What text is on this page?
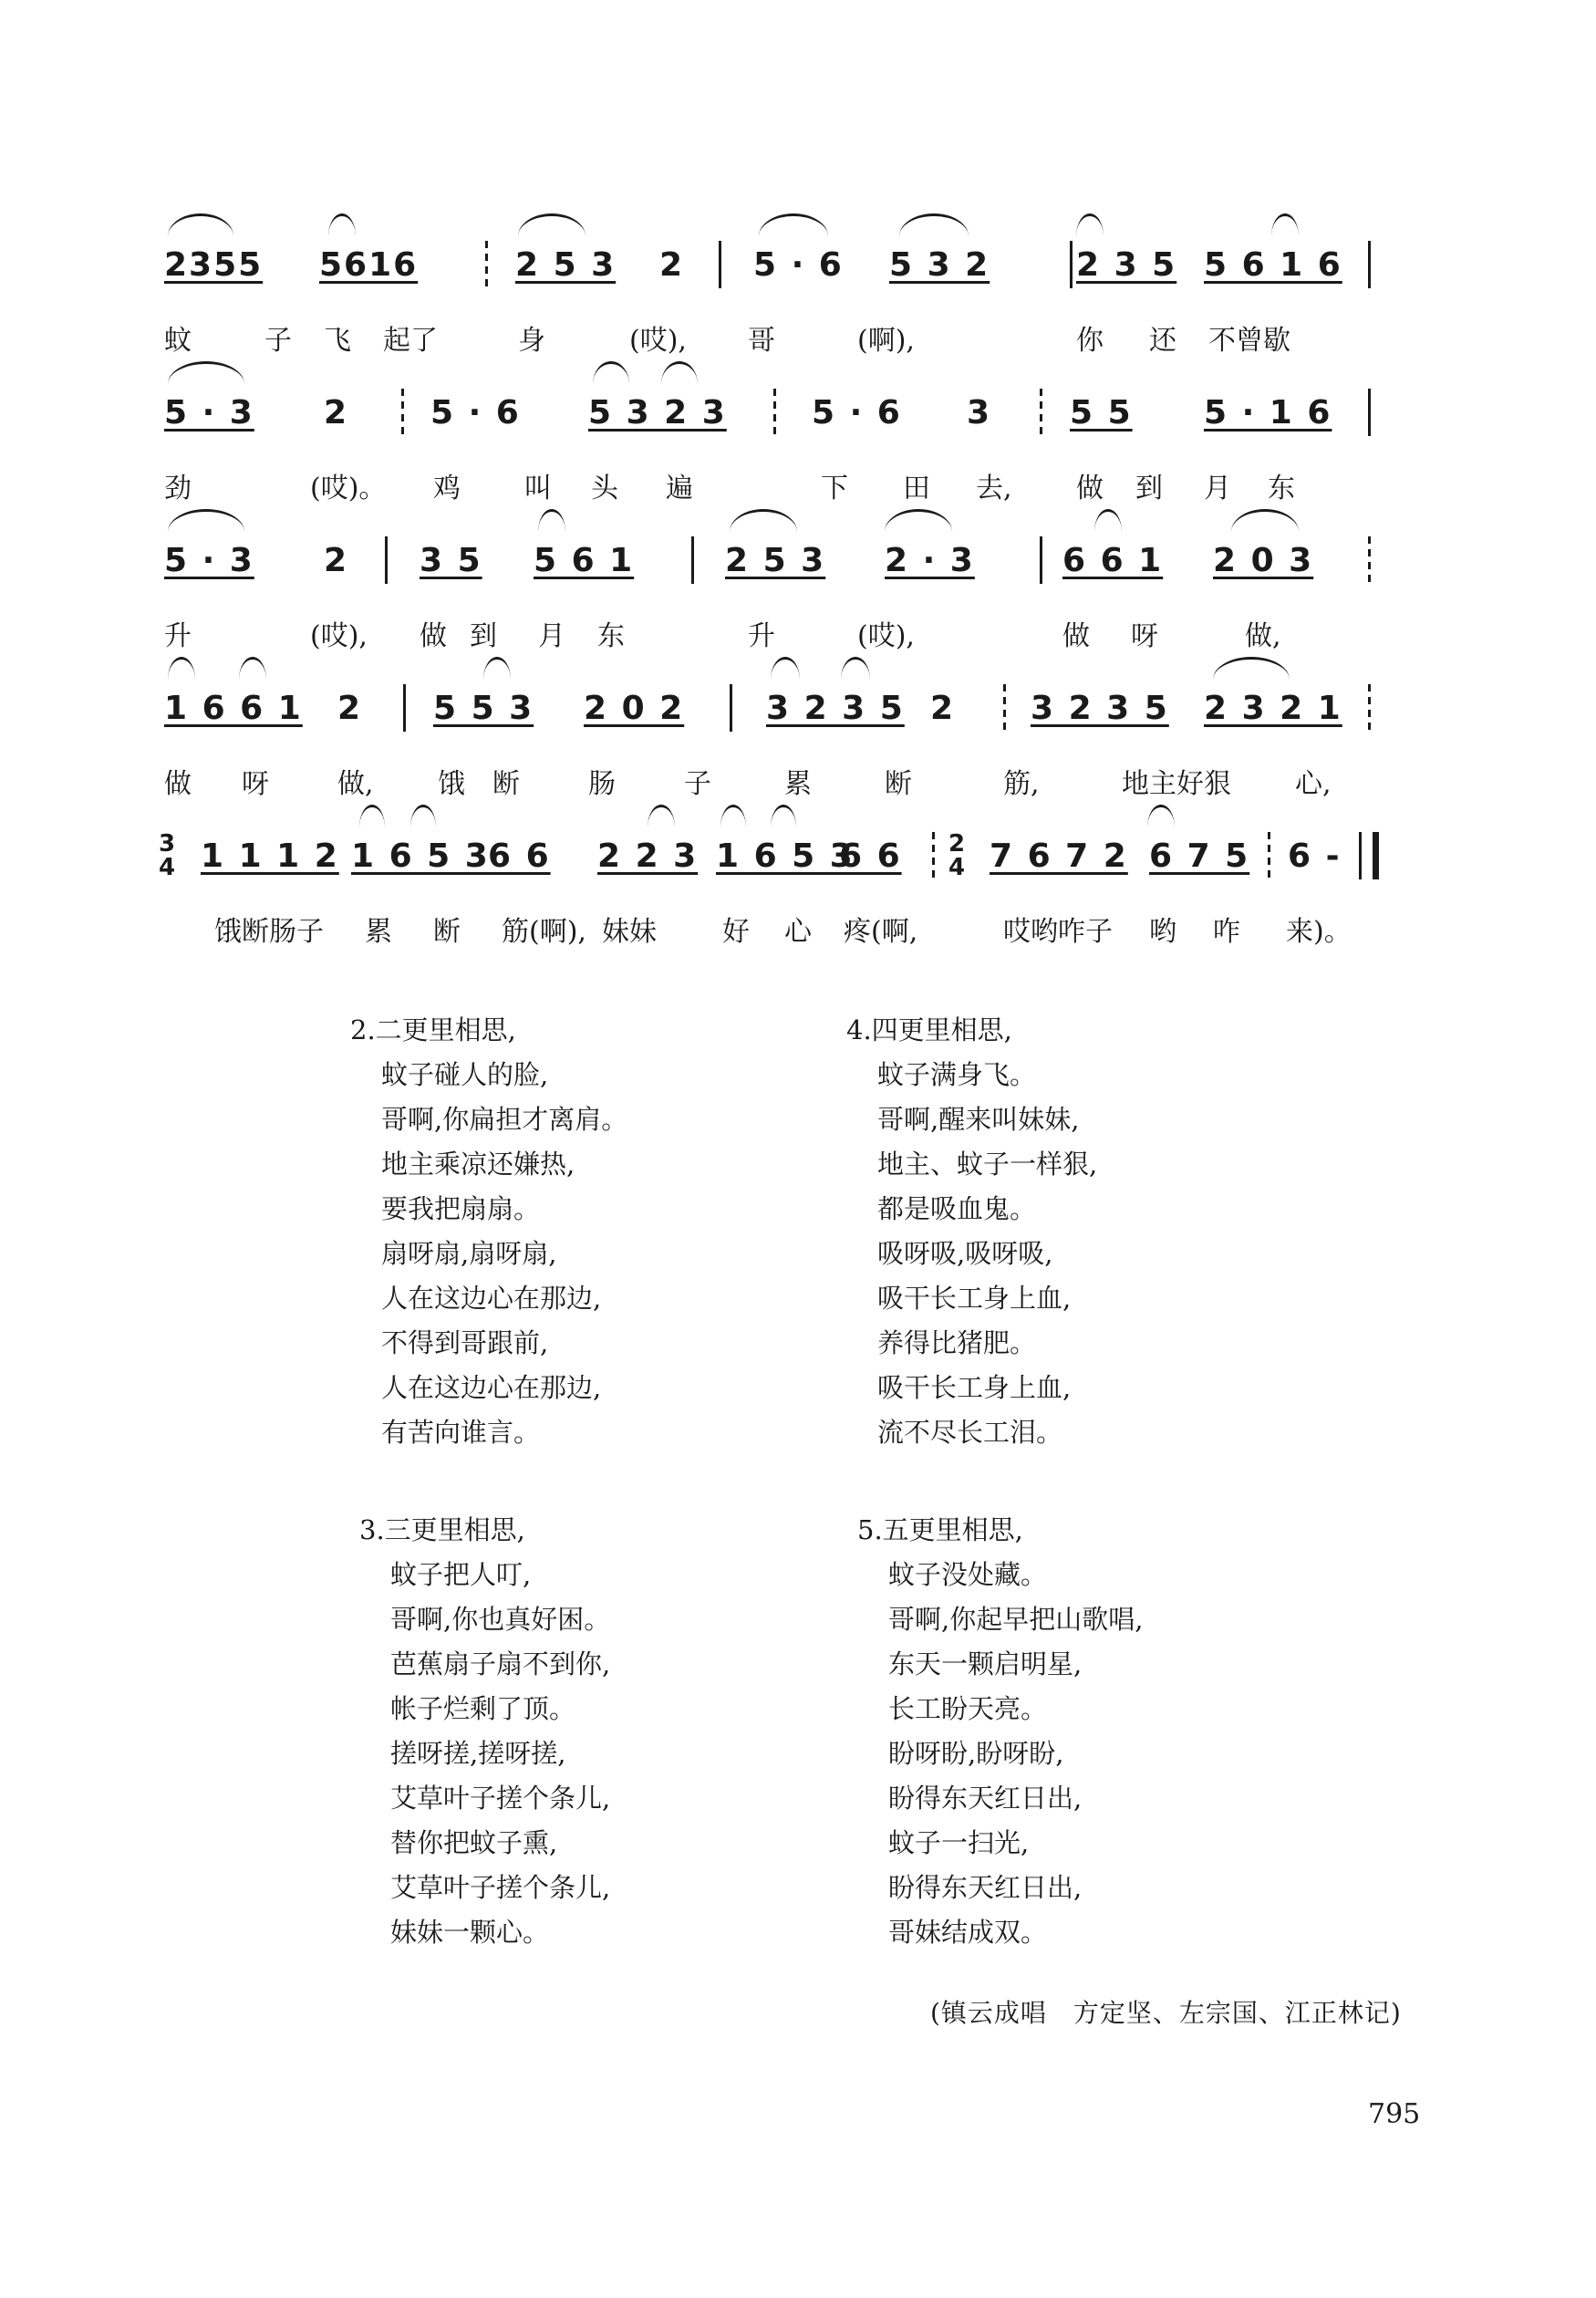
2355 5616	2 5 3 2 5 · 6 5 3 2	2 3 5 5 6 1 6
蚊	子 飞 起了	身	(哎), 哥	(啊),	你 还 不曾歇
5 · 3 2 5 · 6 5 3 2 3	5 · 6 3 5 5 5 · 1 6
劲	(哎)。 鸡 叫 头 遍	下 田 去, 做 到 月 东
5 · 3 2 3 5 5 6 1	2 5 3 2 · 3	6 6 1 2 0 3
升	(哎), 做 到 月 东	升	(哎),	做 呀	做,
1 6 6 1 2 5 5 3 2 0 2 3 2 3 5 2 3 2 3 5 2 3 2 1
做 呀	做, 饿 断	肠	子	累	断	筋,	地主好狠 心,
3
4 1 1 1 2 1 6 5 3
6 6 2 2 3 1 6 5 3
6 6 2
4 7 6 7 2 6 7 5 6 -
饿断肠子 累 断 筋(啊), 妹妹 好 心 疼(啊,	哎哟咋子 哟 咋 来)。
2.二更里相思,
蚊子碰人的脸,
哥啊,你扁担才离肩。
地主乘凉还嫌热,
要我把扇扇。
扇呀扇,扇呀扇,
人在这边心在那边,
不得到哥跟前,
人在这边心在那边,
有苦向谁言。
4.四更里相思,
蚊子满身飞。
哥啊,醒来叫妹妹,
地主、蚊子一样狠,
都是吸血鬼。
吸呀吸,吸呀吸,
吸干长工身上血,
养得比猪肥。
吸干长工身上血,
流不尽长工泪。
3.三更里相思,
蚊子把人叮,
哥啊,你也真好困。
芭蕉扇子扇不到你,
帐子烂剩了顶。
搓呀搓,搓呀搓,
艾草叶子搓个条儿,
替你把蚊子熏,
艾草叶子搓个条儿,
妹妹一颗心。
5.五更里相思,
蚊子没处藏。
哥啊,你起早把山歌唱,
东天一颗启明星,
长工盼天亮。
盼呀盼,盼呀盼,
盼得东天红日出,
蚊子一扫光,
盼得东天红日出,
哥妹结成双。
(镇云成唱　方定坚、左宗国、江正林记)
795
